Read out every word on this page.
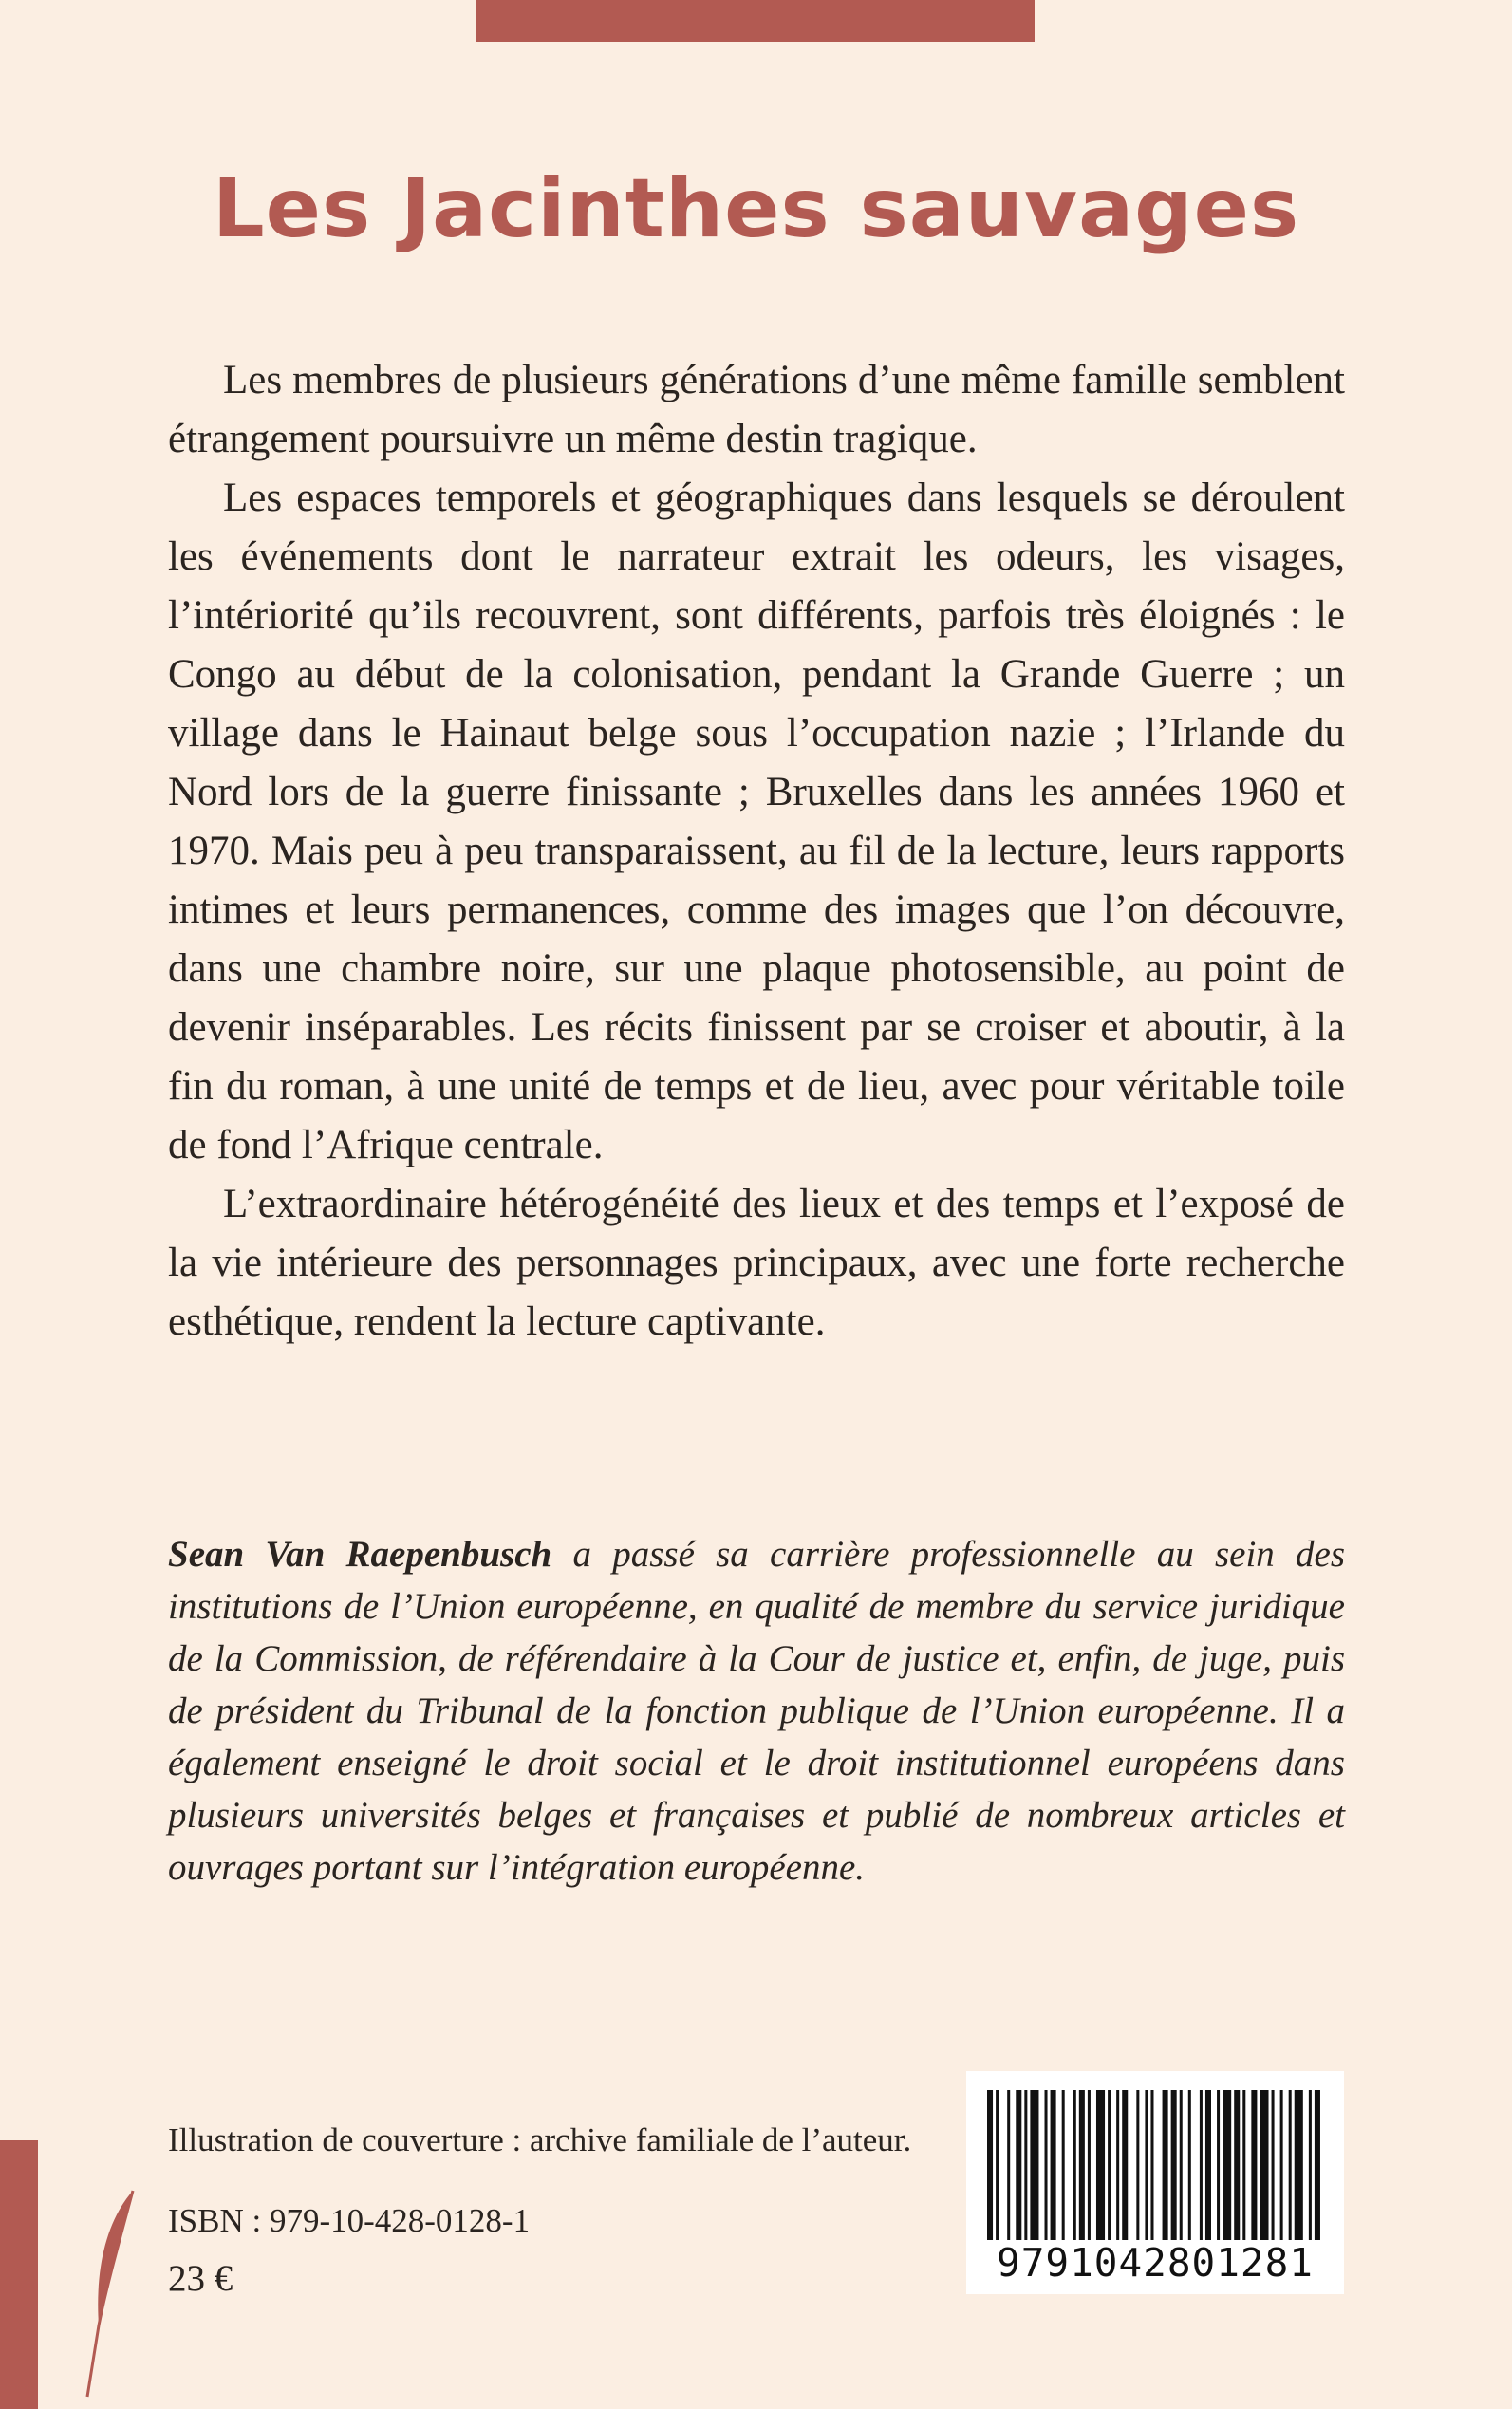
Les Jacinthes sauvages

Les membres de plusieurs générations d’une même famille semblent étrangement poursuivre un même destin tragique.

Les espaces temporels et géographiques dans lesquels se déroulent les événements dont le narrateur extrait les odeurs, les visages, l’intériorité qu’ils recouvrent, sont différents, parfois très éloignés : le Congo au début de la colonisation, pendant la Grande Guerre ; un village dans le Hainaut belge sous l’occupation nazie ; l’Irlande du Nord lors de la guerre finissante ; Bruxelles dans les années 1960 et 1970. Mais peu à peu transparaissent, au fil de la lecture, leurs rapports intimes et leurs permanences, comme des images que l’on découvre, dans une chambre noire, sur une plaque photosensible, au point de devenir inséparables. Les récits finissent par se croiser et aboutir, à la fin du roman, à une unité de temps et de lieu, avec pour véritable toile de fond l’Afrique centrale.

L’extraordinaire hétérogénéité des lieux et des temps et l’exposé de la vie intérieure des personnages principaux, avec une forte recherche esthétique, rendent la lecture captivante.

Sean Van Raepenbusch a passé sa carrière professionnelle au sein des institutions de l’Union européenne, en qualité de membre du service juridique de la Commission, de référendaire à la Cour de justice et, enfin, de juge, puis de président du Tribunal de la fonction publique de l’Union européenne. Il a également enseigné le droit social et le droit institutionnel européens dans plusieurs universités belges et françaises et publié de nombreux articles et ouvrages portant sur l’intégration européenne.

Illustration de couverture : archive familiale de l’auteur.

ISBN : 979-10-428-0128-1

23 €	9791042801281
